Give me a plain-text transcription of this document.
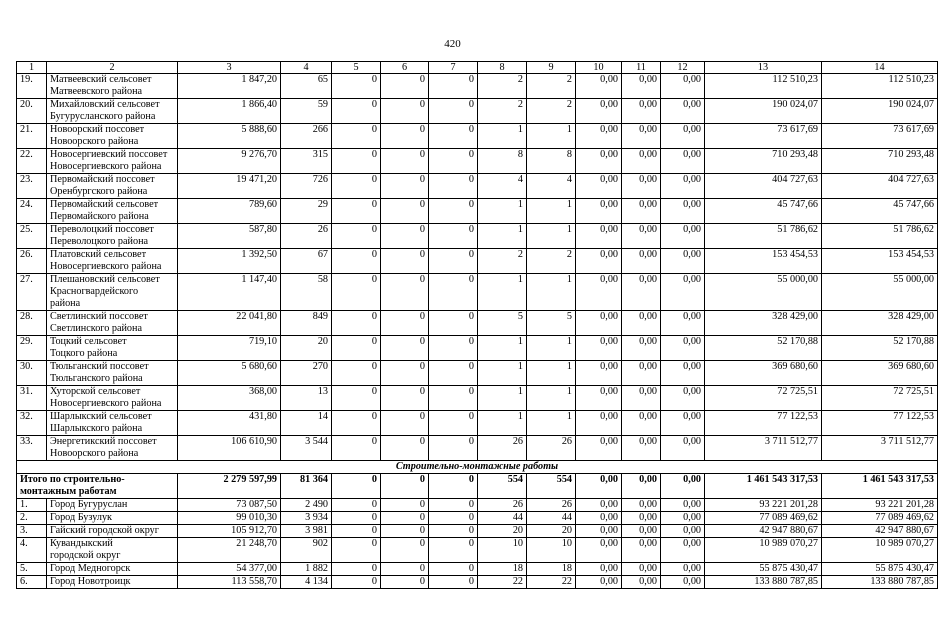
420
1	2	3	4	5	6	7	8	9	10	11	12	13	14
19.	Матвеевский сельсовет
Матвеевского района	1 847,20	65	0	0	0	2	2	0,00	0,00	0,00	112 510,23	112 510,23
20.	Михайловский сельсовет
Бугурусланского района	1 866,40	59	0	0	0	2	2	0,00	0,00	0,00	190 024,07	190 024,07
21.	Новоорский поссовет
Новоорского района	5 888,60	266	0	0	0	1	1	0,00	0,00	0,00	73 617,69	73 617,69
22.	Новосергиевский поссовет
Новосергиевского района	9 276,70	315	0	0	0	8	8	0,00	0,00	0,00	710 293,48	710 293,48
23.	Первомайский поссовет
Оренбургского района	19 471,20	726	0	0	0	4	4	0,00	0,00	0,00	404 727,63	404 727,63
24.	Первомайский сельсовет
Первомайского района	789,60	29	0	0	0	1	1	0,00	0,00	0,00	45 747,66	45 747,66
25.	Переволоцкий поссовет
Переволоцкого района	587,80	26	0	0	0	1	1	0,00	0,00	0,00	51 786,62	51 786,62
26.	Платовский сельсовет
Новосергиевского района	1 392,50	67	0	0	0	2	2	0,00	0,00	0,00	153 454,53	153 454,53
27.	Плешановский сельсовет
Красногвардейского
района	1 147,40	58	0	0	0	1	1	0,00	0,00	0,00	55 000,00	55 000,00
28.	Светлинский поссовет
Светлинского района	22 041,80	849	0	0	0	5	5	0,00	0,00	0,00	328 429,00	328 429,00
29.	Тоцкий сельсовет
Тоцкого района	719,10	20	0	0	0	1	1	0,00	0,00	0,00	52 170,88	52 170,88
30.	Тюльганский поссовет
Тюльганского района	5 680,60	270	0	0	0	1	1	0,00	0,00	0,00	369 680,60	369 680,60
31.	Хуторской сельсовет
Новосергиевского района	368,00	13	0	0	0	1	1	0,00	0,00	0,00	72 725,51	72 725,51
32.	Шарлыкский сельсовет
Шарлыкского района	431,80	14	0	0	0	1	1	0,00	0,00	0,00	77 122,53	77 122,53
33.	Энергетикский поссовет
Новоорского района	106 610,90	3 544	0	0	0	26	26	0,00	0,00	0,00	3 711 512,77	3 711 512,77
Строительно-монтажные работы													

Итого по строительно-
монтажным работам		2 279 597,99	81 364	0	0	0	554	554	0,00	0,00	0,00	1 461 543 317,53	1 461 543 317,53
1.	Город Бугуруслан	73 087,50	2 490	0	0	0	26	26	0,00	0,00	0,00	93 221 201,28	93 221 201,28
2.	Город Бузулук	99 010,30	3 934	0	0	0	44	44	0,00	0,00	0,00	77 089 469,62	77 089 469,62
3.	Гайский городской округ	105 912,70	3 981	0	0	0	20	20	0,00	0,00	0,00	42 947 880,67	42 947 880,67
4.	Кувандыкский
городской округ	21 248,70	902	0	0	0	10	10	0,00	0,00	0,00	10 989 070,27	10 989 070,27
5.	Город Медногорск	54 377,00	1 882	0	0	0	18	18	0,00	0,00	0,00	55 875 430,47	55 875 430,47
6.	Город Новотроицк	113 558,70	4 134	0	0	0	22	22	0,00	0,00	0,00	133 880 787,85	133 880 787,85
